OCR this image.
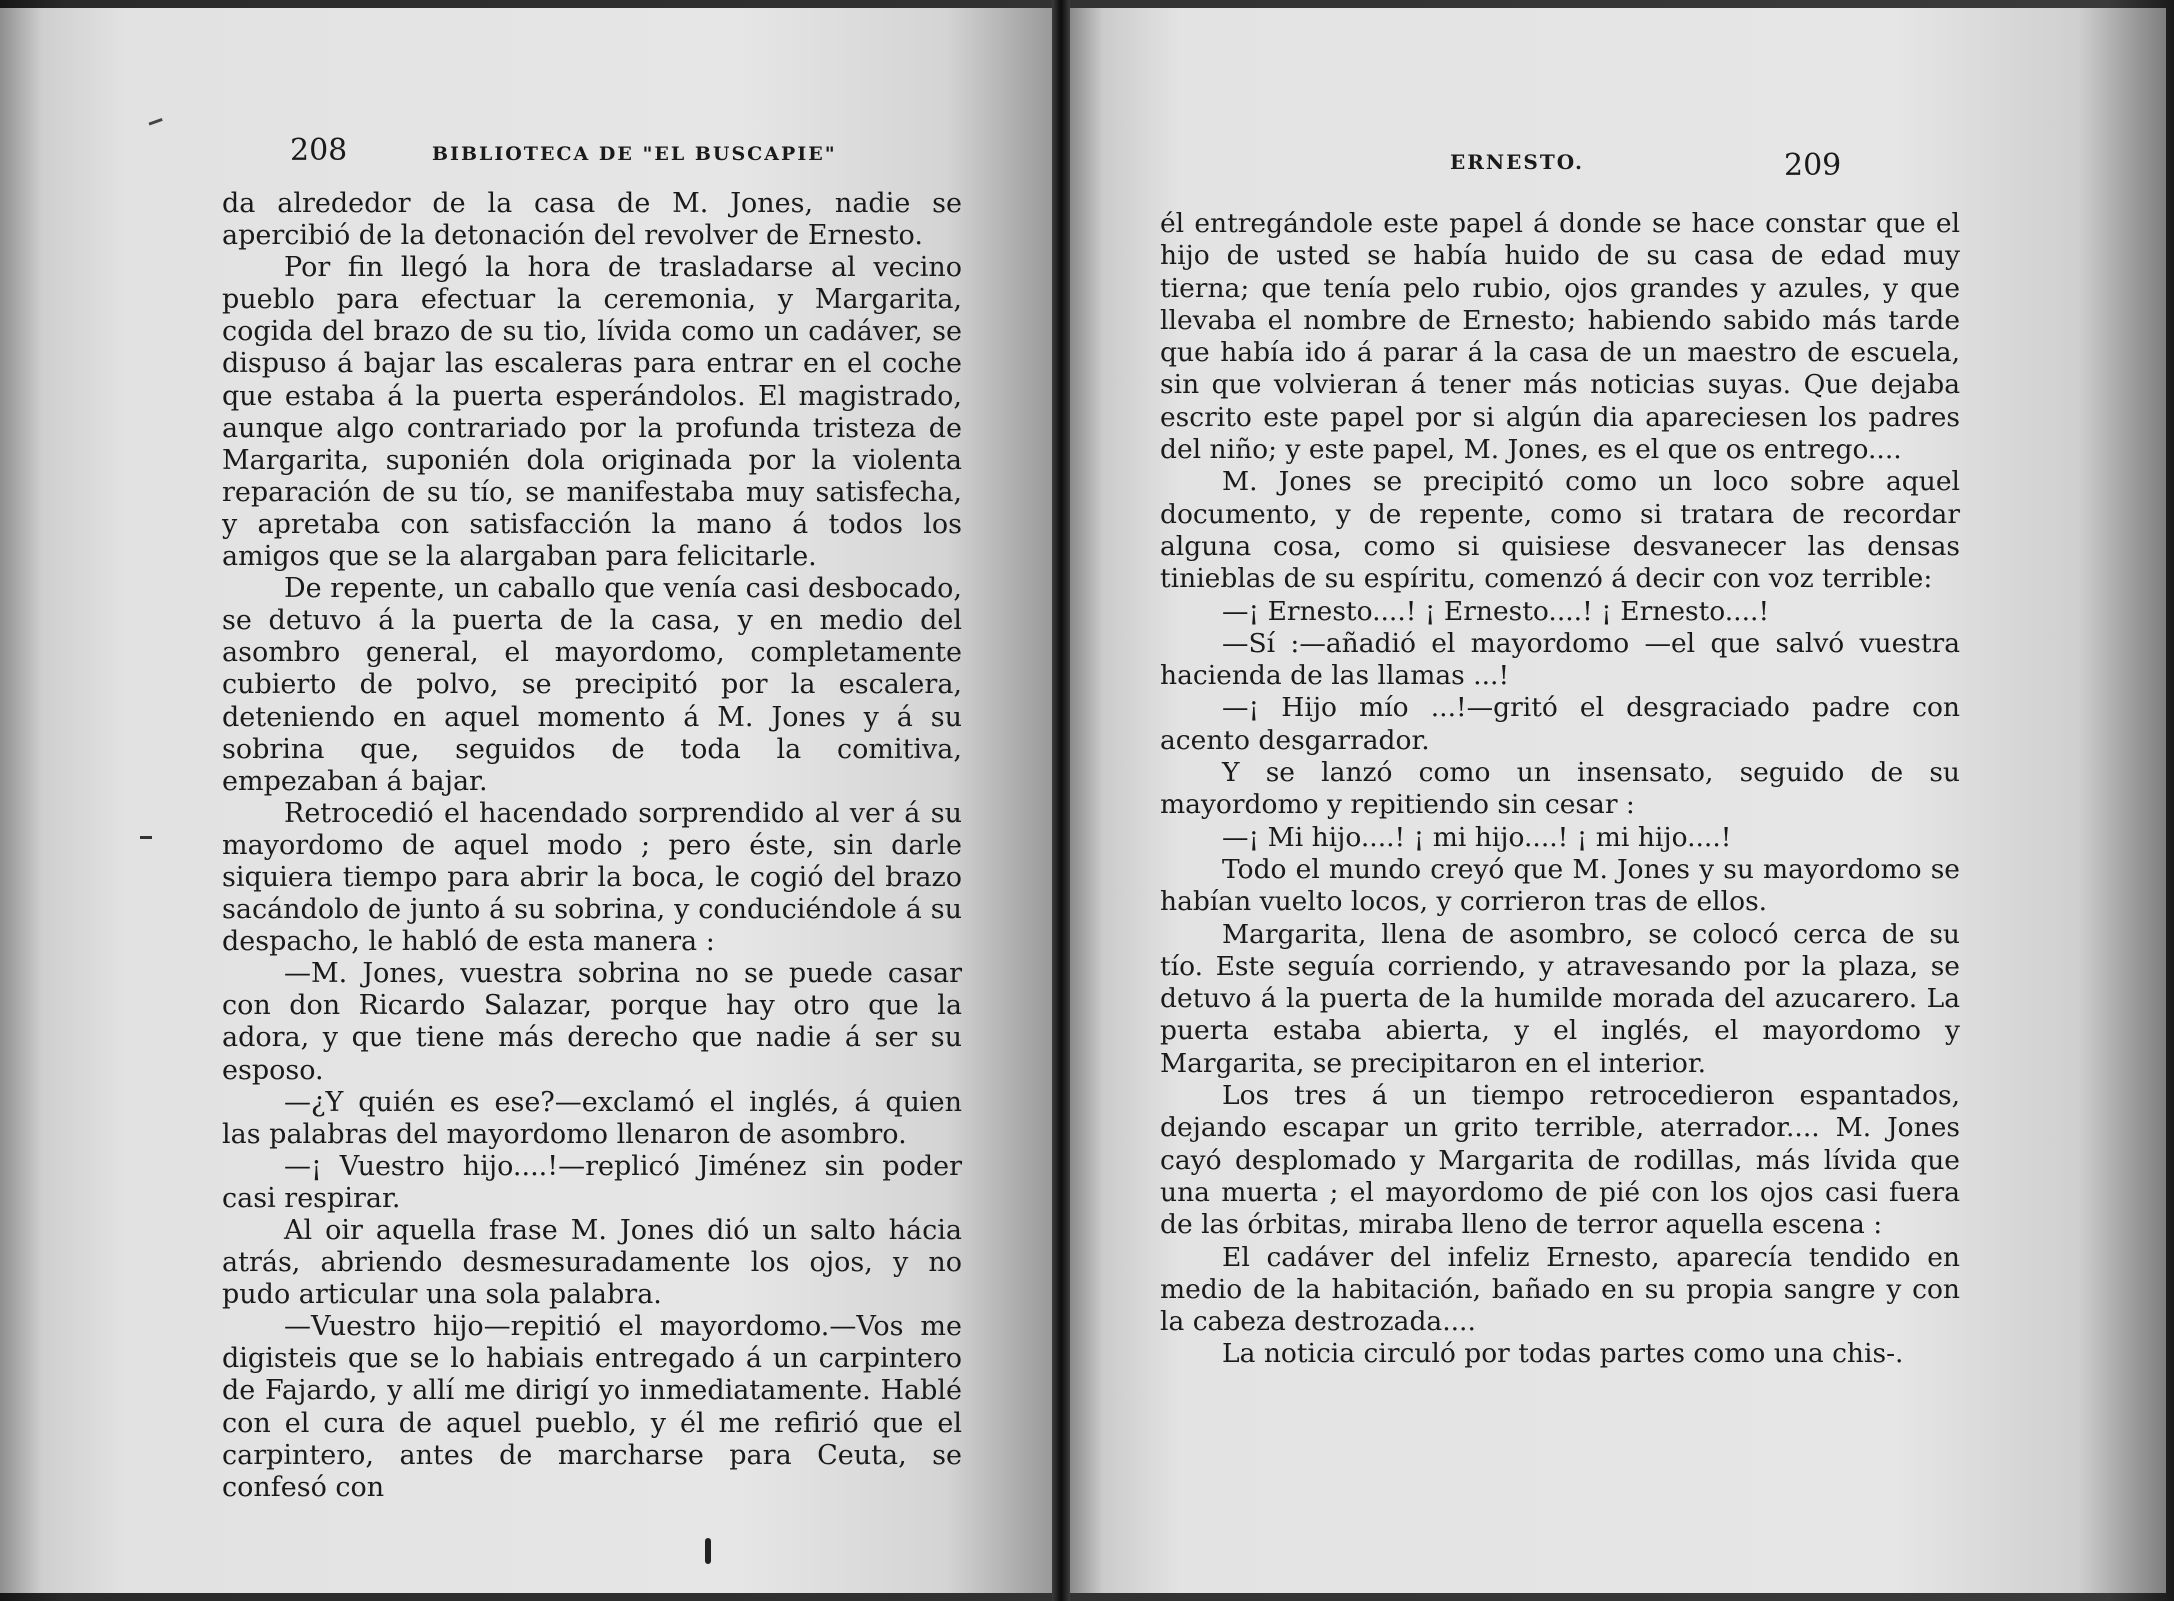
208	BIBLIOTECA DE "EL BUSCAPIE"

da alrededor de la casa de M. Jones, nadie se apercibió de la detonación del revolver de Ernesto.

Por fin llegó la hora de trasladarse al vecino pueblo para efectuar la ceremonia, y Margarita, cogida del brazo de su tio, lívida como un cadáver, se dispuso á bajar las escaleras para entrar en el coche que estaba á la puerta esperándolos. El magistrado, aunque algo contrariado por la profunda tristeza de Margarita, suponién dola originada por la violenta reparación de su tío, se manifestaba muy satisfecha, y apretaba con satisfacción la mano á todos los amigos que se la alargaban para felicitarle.

De repente, un caballo que venía casi desbocado, se detuvo á la puerta de la casa, y en medio del asombro general, el mayordomo, completamente cubierto de polvo, se precipitó por la escalera, deteniendo en aquel momento á M. Jones y á su sobrina que, seguidos de toda la comitiva, empezaban á bajar.

Retrocedió el hacendado sorprendido al ver á su mayordomo de aquel modo ; pero éste, sin darle siquiera tiempo para abrir la boca, le cogió del brazo sacándolo de junto á su sobrina, y conduciéndole á su despacho, le habló de esta manera :

—M. Jones, vuestra sobrina no se puede casar con don Ricardo Salazar, porque hay otro que la adora, y que tiene más derecho que nadie á ser su esposo.

—¿Y quién es ese?—exclamó el inglés, á quien las palabras del mayordomo llenaron de asombro.

—¡ Vuestro hijo....!—replicó Jiménez sin poder casi respirar.

Al oir aquella frase M. Jones dió un salto hácia atrás, abriendo desmesuradamente los ojos, y no pudo articular una sola palabra.

—Vuestro hijo—repitió el mayordomo.—Vos me digisteis que se lo habiais entregado á un carpintero de Fajardo, y allí me dirigí yo inmediatamente. Hablé con el cura de aquel pueblo, y él me refirió que el carpintero, antes de marcharse para Ceuta, se confesó con

ERNESTO.	209

él entregándole este papel á donde se hace constar que el hijo de usted se había huido de su casa de edad muy tierna; que tenía pelo rubio, ojos grandes y azules, y que llevaba el nombre de Ernesto; habiendo sabido más tarde que había ido á parar á la casa de un maestro de escuela, sin que volvieran á tener más noticias suyas. Que dejaba escrito este papel por si algún dia apareciesen los padres del niño; y este papel, M. Jones, es el que os entrego....

M. Jones se precipitó como un loco sobre aquel documento, y de repente, como si tratara de recordar alguna cosa, como si quisiese desvanecer las densas tinieblas de su espíritu, comenzó á decir con voz terrible:

—¡ Ernesto....! ¡ Ernesto....! ¡ Ernesto....!

—Sí :—añadió el mayordomo —el que salvó vuestra hacienda de las llamas ...!

—¡ Hijo mío ...!—gritó el desgraciado padre con acento desgarrador.

Y se lanzó como un insensato, seguido de su mayordomo y repitiendo sin cesar :

—¡ Mi hijo....! ¡ mi hijo....! ¡ mi hijo....!

Todo el mundo creyó que M. Jones y su mayordomo se habían vuelto locos, y corrieron tras de ellos.

Margarita, llena de asombro, se colocó cerca de su tío. Este seguía corriendo, y atravesando por la plaza, se detuvo á la puerta de la humilde morada del azucarero. La puerta estaba abierta, y el inglés, el mayordomo y Margarita, se precipitaron en el interior.

Los tres á un tiempo retrocedieron espantados, dejando escapar un grito terrible, aterrador.... M. Jones cayó desplomado y Margarita de rodillas, más lívida que una muerta ; el mayordomo de pié con los ojos casi fuera de las órbitas, miraba lleno de terror aquella escena :

El cadáver del infeliz Ernesto, aparecía tendido en medio de la habitación, bañado en su propia sangre y con la cabeza destrozada....

La noticia circuló por todas partes como una chis-.
